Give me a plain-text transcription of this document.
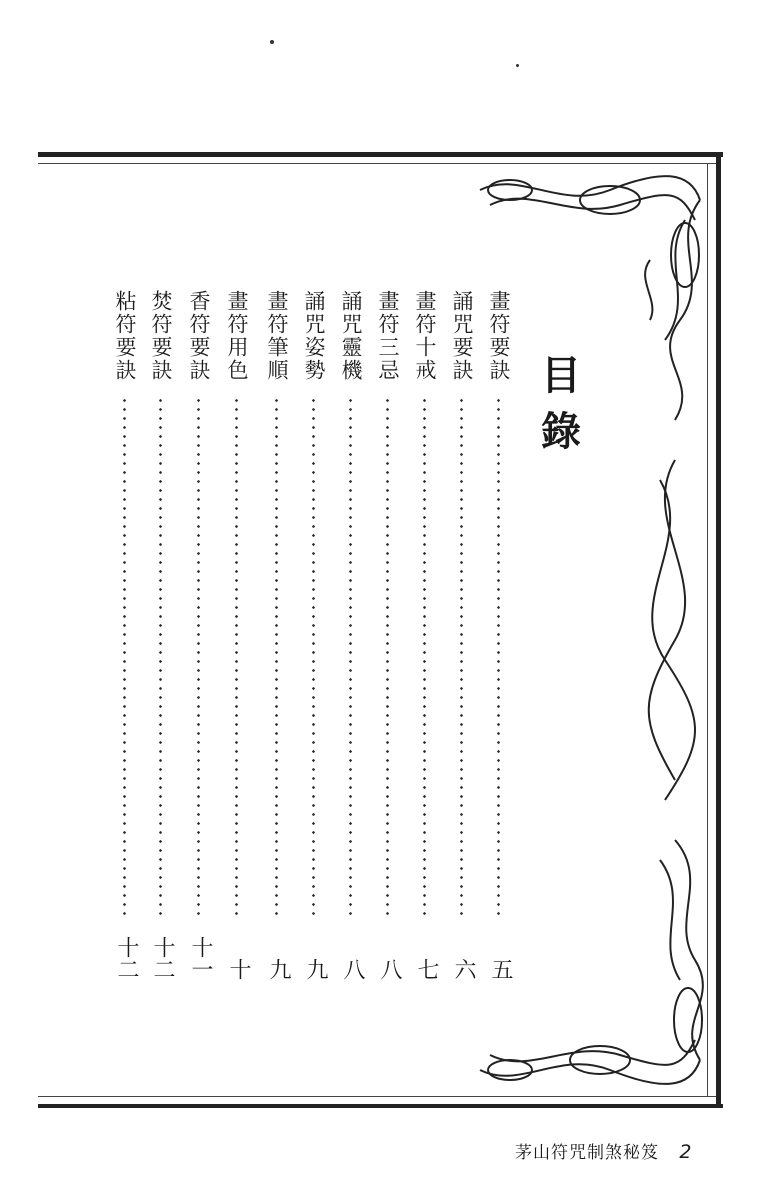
目
錄
畫符要訣
五
誦咒要訣
六
畫符十戒
七
畫符三忌
八
誦咒靈機
八
誦咒姿勢
九
畫符筆順
九
畫符用色
十
香符要訣
十一
焚符要訣
十二
粘符要訣
十二
茅山符咒制煞秘笈 2
